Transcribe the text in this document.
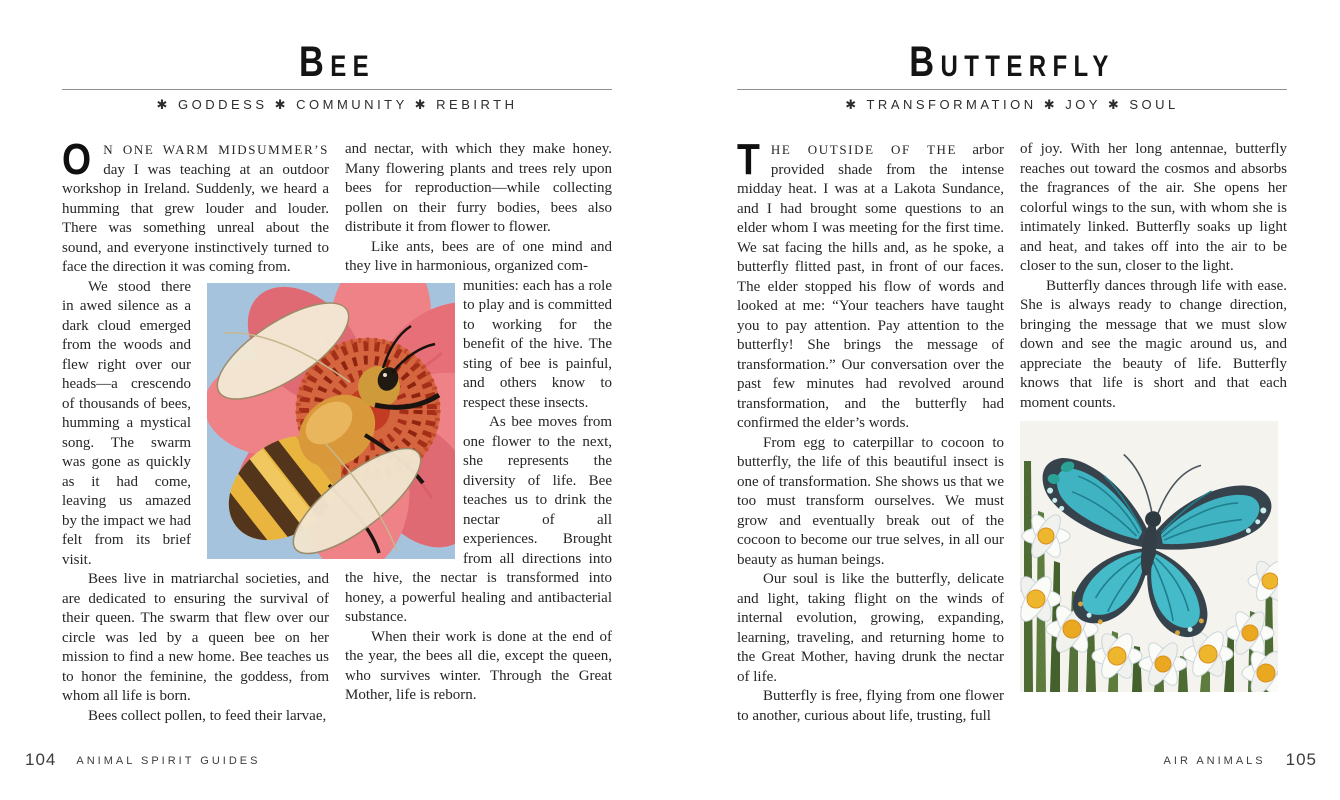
BEE
✱ GODDESS ✱ COMMUNITY ✱ REBIRTH

O N ONE WARM MIDSUMMER’S day I was teaching at an outdoor workshop in Ireland. Suddenly, we heard a humming that grew louder and louder. There was something unreal about the sound, and everyone instinctively turned to face the direction it was coming from.

We stood there in awed silence as a dark cloud emerged from the woods and flew right over our heads—a crescendo of thousands of bees, humming a mystical song. The swarm was gone as quickly as it had come, leaving us amazed by the impact we had felt from its brief visit.

Bees live in matriarchal societies, and are dedicated to ensuring the survival of their queen. The swarm that flew over our circle was led by a queen bee on her mission to find a new home. Bee teaches us to honor the feminine, the goddess, from whom all life is born.

Bees collect pollen, to feed their larvae,

and nectar, with which they make honey. Many flowering plants and trees rely upon bees for reproduction—while collecting pollen on their furry bodies, bees also distribute it from flower to flower.

Like ants, bees are of one mind and they live in harmonious, organized com-

munities: each has a role to play and is committed to working for the benefit of the hive. The sting of bee is painful, and others know to respect these insects.

As bee moves from one flower to the next, she represents the diversity of life. Bee teaches us to drink the nectar of all experiences. Brought from all directions into the hive, the nectar is transformed into honey, a powerful healing and antibacterial substance.

When their work is done at the end of the year, the bees all die, except the queen, who survives winter. Through the Great Mother, life is reborn.

BUTTERFLY
✱ TRANSFORMATION ✱ JOY ✱ SOUL

THE OUTSIDE OF THE arbor provided shade from the intense midday heat. I was at a Lakota Sundance, and I had brought some questions to an elder whom I was meeting for the first time. We sat facing the hills and, as he spoke, a butterfly flitted past, in front of our faces. The elder stopped his flow of words and looked at me: “Your teachers have taught you to pay attention. Pay attention to the butterfly! She brings the message of transformation.” Our conversation over the past few minutes had revolved around transformation, and the butterfly had confirmed the elder’s words.

From egg to caterpillar to cocoon to butterfly, the life of this beautiful insect is one of transformation. She shows us that we too must transform ourselves. We must grow and eventually break out of the cocoon to become our true selves, in all our beauty as human beings.

Our soul is like the butterfly, delicate and light, taking flight on the winds of internal evolution, growing, expanding, learning, traveling, and returning home to the Great Mother, having drunk the nectar of life.

Butterfly is free, flying from one flower to another, curious about life, trusting, full

of joy. With her long antennae, butterfly reaches out toward the cosmos and absorbs the fragrances of the air. She opens her colorful wings to the sun, with whom she is intimately linked. Butterfly soaks up light and heat, and takes off into the air to be closer to the sun, closer to the light.

Butterfly dances through life with ease. She is always ready to change direction, bringing the message that we must slow down and see the magic around us, and appreciate the beauty of life. Butterfly knows that life is short and that each moment counts.

104 ANIMAL SPIRIT GUIDES	AIR ANIMALS 105
